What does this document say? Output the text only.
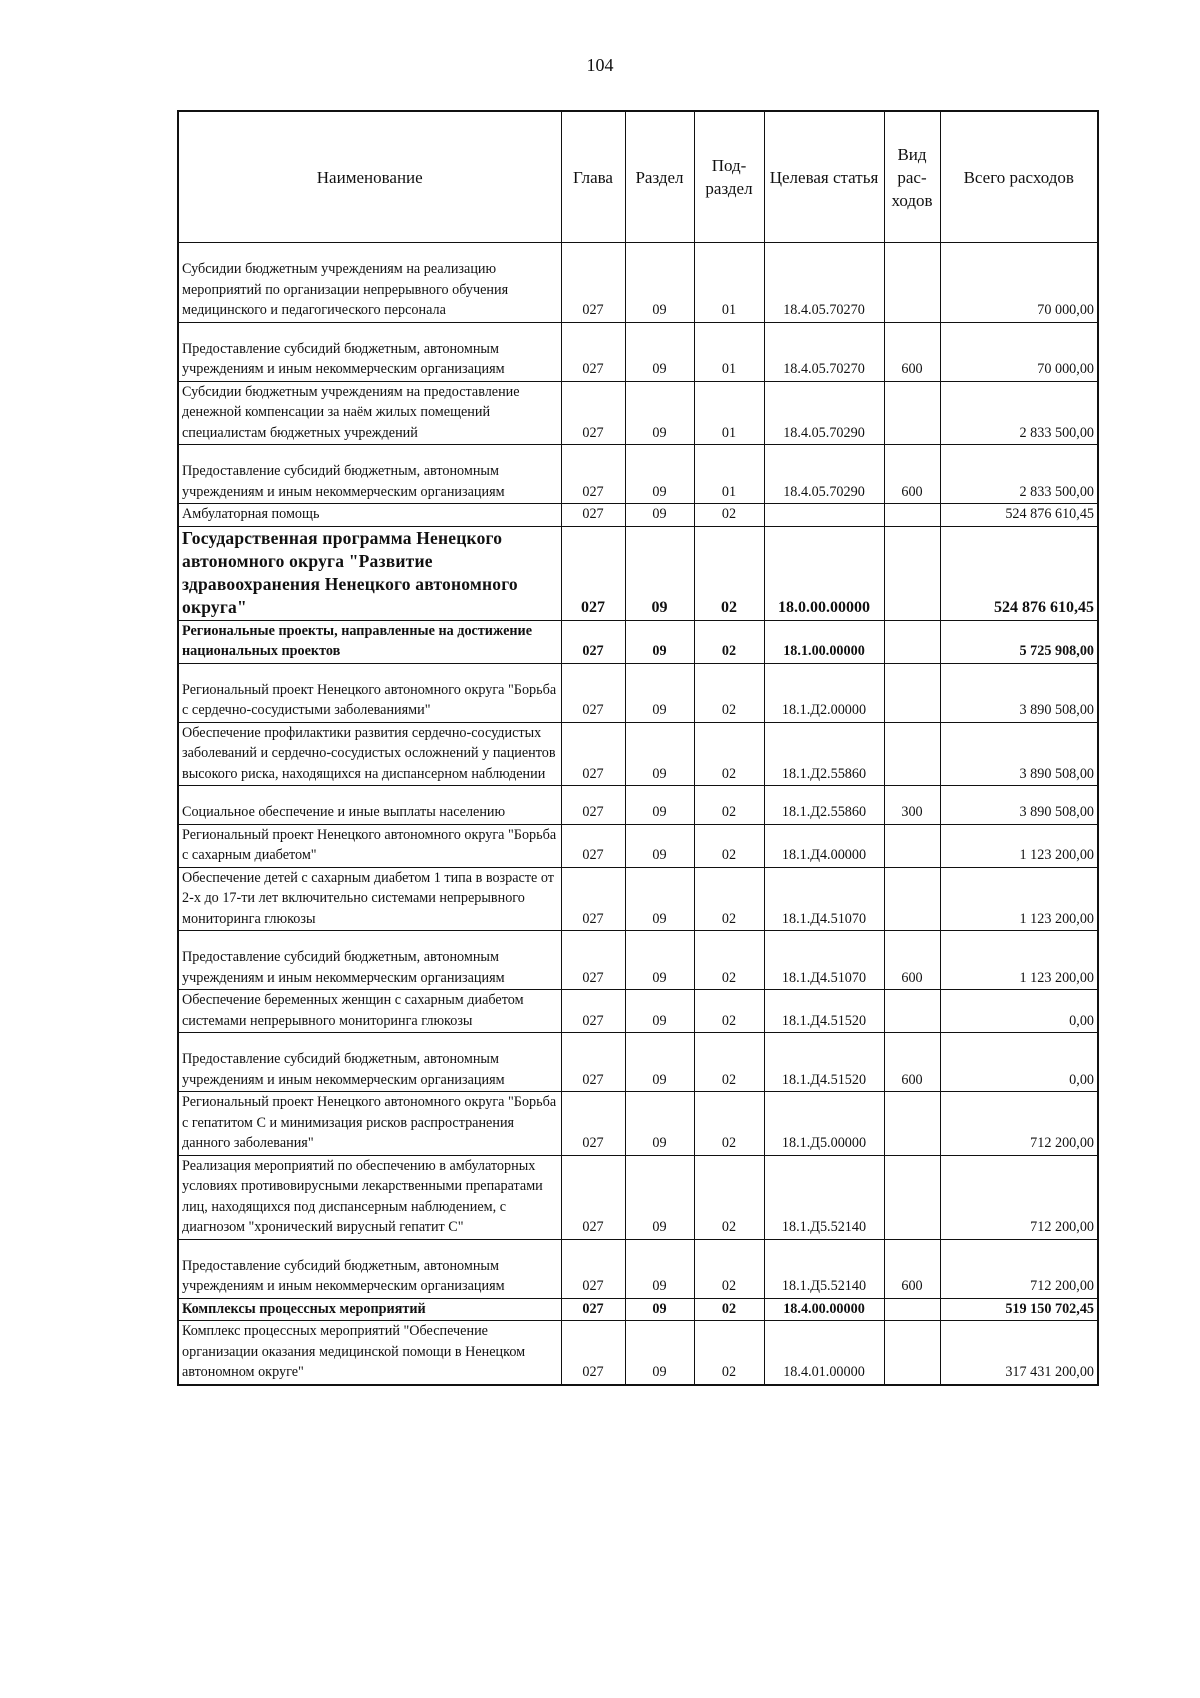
104
Наименование	Глава	Раздел	Под-раздел	Целевая статья	Вид рас-ходов	Всего расходов
Субсидии бюджетным учреждениям на реализацию мероприятий по организации непрерывного обучения медицинского и педагогического персонала	027	09	01	18.4.05.70270		70 000,00
Предоставление субсидий бюджетным, автономным учреждениям и иным некоммерческим организациям	027	09	01	18.4.05.70270	600	70 000,00
Субсидии бюджетным учреждениям на предоставление денежной компенсации за наём жилых помещений специалистам бюджетных учреждений	027	09	01	18.4.05.70290		2 833 500,00
Предоставление субсидий бюджетным, автономным учреждениям и иным некоммерческим организациям	027	09	01	18.4.05.70290	600	2 833 500,00
Амбулаторная помощь	027	09	02			524 876 610,45
Государственная программа Ненецкого автономного округа "Развитие здравоохранения Ненецкого автономного округа"	027	09	02	18.0.00.00000		524 876 610,45
Региональные проекты, направленные на достижение национальных проектов	027	09	02	18.1.00.00000		5 725 908,00
Региональный проект Ненецкого автономного округа "Борьба с сердечно-сосудистыми заболеваниями"	027	09	02	18.1.Д2.00000		3 890 508,00
Обеспечение профилактики развития сердечно-сосудистых заболеваний и сердечно-сосудистых осложнений у пациентов высокого риска, находящихся на диспансерном наблюдении	027	09	02	18.1.Д2.55860		3 890 508,00
Социальное обеспечение и иные выплаты населению	027	09	02	18.1.Д2.55860	300	3 890 508,00
Региональный проект Ненецкого автономного округа "Борьба с сахарным диабетом"	027	09	02	18.1.Д4.00000		1 123 200,00
Обеспечение детей с сахарным диабетом 1 типа в возрасте от 2-х до 17-ти лет включительно системами непрерывного мониторинга глюкозы	027	09	02	18.1.Д4.51070		1 123 200,00
Предоставление субсидий бюджетным, автономным учреждениям и иным некоммерческим организациям	027	09	02	18.1.Д4.51070	600	1 123 200,00
Обеспечение беременных женщин с сахарным диабетом системами непрерывного мониторинга глюкозы	027	09	02	18.1.Д4.51520		0,00
Предоставление субсидий бюджетным, автономным учреждениям и иным некоммерческим организациям	027	09	02	18.1.Д4.51520	600	0,00
Региональный проект Ненецкого автономного округа "Борьба с гепатитом С и минимизация рисков распространения данного заболевания"	027	09	02	18.1.Д5.00000		712 200,00
Реализация мероприятий по обеспечению в амбулаторных условиях противовирусными лекарственными препаратами лиц, находящихся под диспансерным наблюдением, с диагнозом "хронический вирусный гепатит С"	027	09	02	18.1.Д5.52140		712 200,00
Предоставление субсидий бюджетным, автономным учреждениям и иным некоммерческим организациям	027	09	02	18.1.Д5.52140	600	712 200,00
Комплексы процессных мероприятий	027	09	02	18.4.00.00000		519 150 702,45
Комплекс процессных мероприятий "Обеспечение организации оказания медицинской помощи в Ненецком автономном округе"	027	09	02	18.4.01.00000		317 431 200,00
